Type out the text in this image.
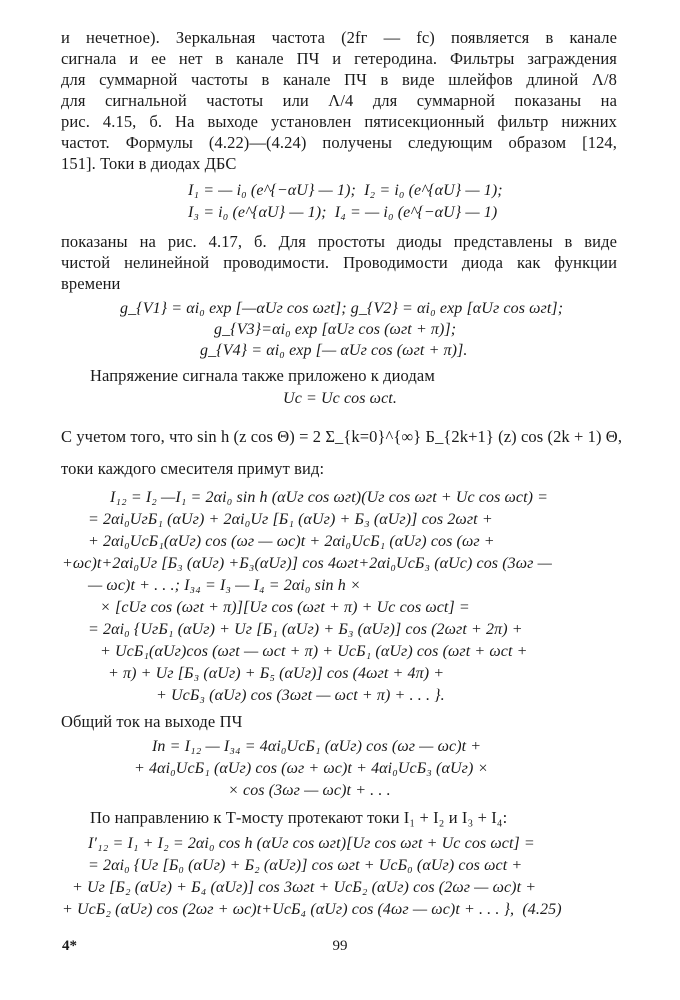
и нечетное). Зеркальная частота (2fг — fс) появляется в канале
сигнала и ее нет в канале ПЧ и гетеродина. Фильтры заграждения
для суммарной частоты в канале ПЧ в виде шлейфов длиной Λ/8
для сигнальной частоты или Λ/4 для суммарной показаны на
рис. 4.15, б. На выходе установлен пятисекционный фильтр нижних
частот. Формулы (4.22)—(4.24) получены следующим образом [124,
151]. Токи в диодах ДБС
I₁ = — i₀ (e^{−αU} — 1);  I₂ = i₀ (e^{αU} — 1);
I₃ = i₀ (e^{αU} — 1);  I₄ = — i₀ (e^{−αU} — 1)
показаны на рис. 4.17, б. Для простоты диоды представлены в виде
чистой нелинейной проводимости. Проводимости диода как функции
времени
g_{V1} = αi₀ exp [—αUг cos ωгt]; g_{V2} = αi₀ exp [αUг cos ωгt];
g_{V3}=αi₀ exp [αUг cos (ωгt + π)];
g_{V4} = αi₀ exp [— αUг cos (ωгt + π)].
Напряжение сигнала также приложено к диодам
Uс = Uс cos ωсt.
С учетом того, что sin h (z cos Θ) = 2 Σ_{k=0}^{∞} Б_{2k+1} (z) cos (2k + 1) Θ,
токи каждого смесителя примут вид:
I₁₂ = I₂ —I₁ = 2αi₀ sin h (αUг cos ωгt)(Uг cos ωгt + Uс cos ωсt) =
= 2αi₀UгБ₁ (αUг) + 2αi₀Uг [Б₁ (αUг) + Б₃ (αUг)] cos 2ωгt +
+ 2αi₀UсБ₁(αUг) cos (ωг — ωс)t + 2αi₀UсБ₁ (αUг) cos (ωг +
+ωс)t+2αi₀Uг [Б₃ (αUг) +Б₃(αUг)] cos 4ωгt+2αi₀UсБ₃ (αUс) cos (3ωг —
— ωс)t + . . .; I₃₄ = I₃ — I₄ = 2αi₀ sin h ×
× [cUг cos (ωгt + π)][Uг cos (ωгt + π) + Uс cos ωсt] =
= 2αi₀ {UгБ₁ (αUг) + Uг [Б₁ (αUг) + Б₃ (αUг)] cos (2ωгt + 2π) +
+ UсБ₁(αUг)cos (ωгt — ωсt + π) + UсБ₁ (αUг) cos (ωгt + ωсt +
+ π) + Uг [Б₃ (αUг) + Б₅ (αUг)] cos (4ωгt + 4π) +
+ UсБ₃ (αUг) cos (3ωгt — ωсt + π) + . . . }.
Общий ток на выходе ПЧ
Iп = I₁₂ — I₃₄ = 4αi₀UсБ₁ (αUг) cos (ωг — ωс)t +
+ 4αi₀UсБ₁ (αUг) cos (ωг + ωс)t + 4αi₀UсБ₃ (αUг) ×
× cos (3ωг — ωс)t + . . .
По направлению к Т-мосту протекают токи I₁ + I₂ и I₃ + I₄:
I′₁₂ = I₁ + I₂ = 2αi₀ cos h (αUг cos ωгt)[Uг cos ωгt + Uс cos ωсt] =
= 2αi₀ {Uг [Б₀ (αUг) + Б₂ (αUг)] cos ωгt + UсБ₀ (αUг) cos ωсt +
+ Uг [Б₂ (αUг) + Б₄ (αUг)] cos 3ωгt + UсБ₂ (αUг) cos (2ωг — ωс)t +
+ UсБ₂ (αUг) cos (2ωг + ωс)t+UсБ₄ (αUг) cos (4ωг — ωс)t + . . . },  (4.25)
4*	99
